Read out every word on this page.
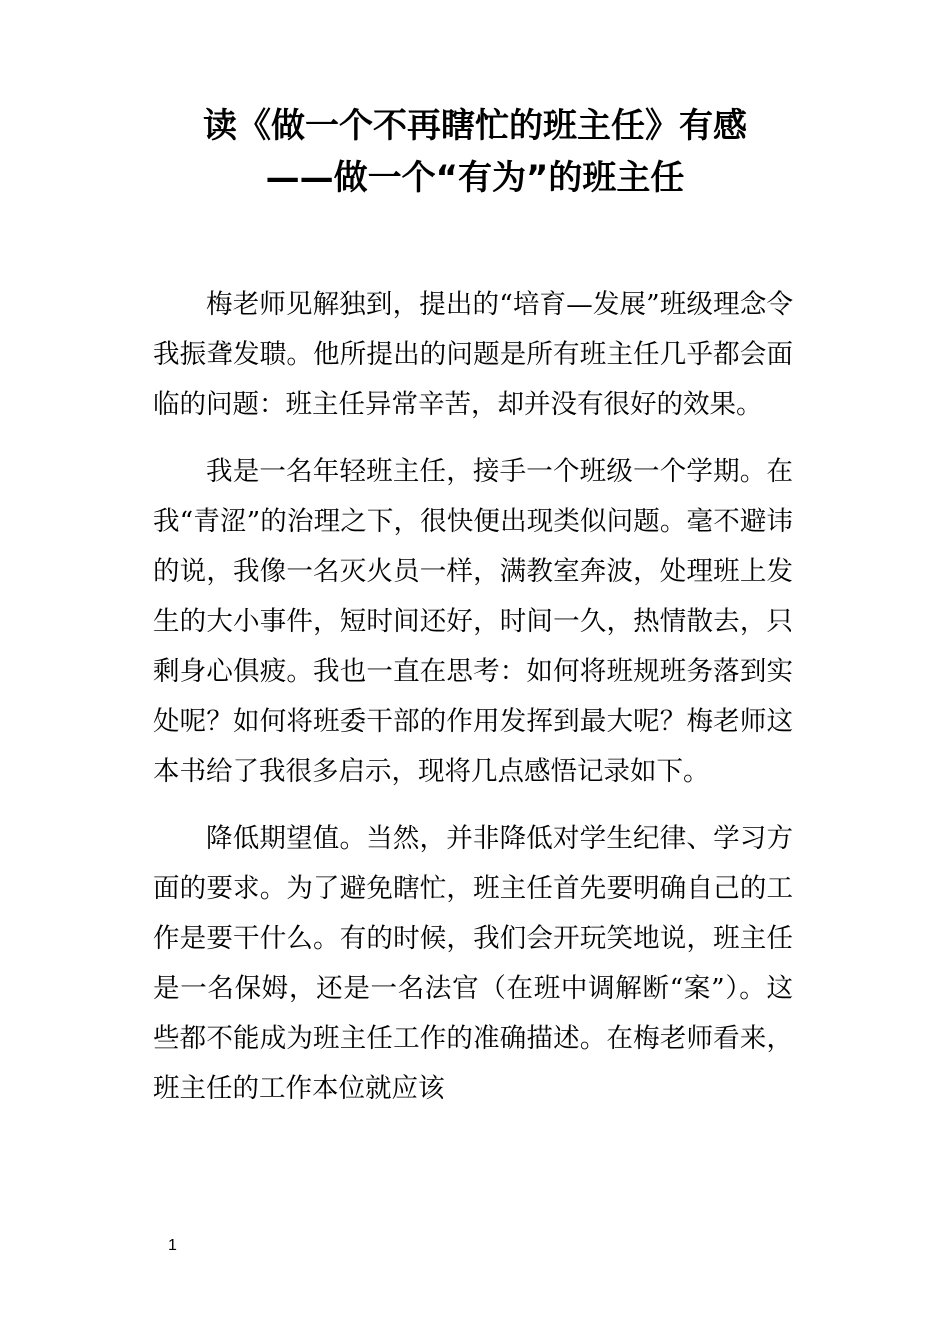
读《做一个不再瞎忙的班主任》有感
——做一个“有为”的班主任

梅老师见解独到，提出的“培育—发展”班级理念令我振聋发聩。他所提出的问题是所有班主任几乎都会面临的问题：班主任异常辛苦，却并没有很好的效果。

我是一名年轻班主任，接手一个班级一个学期。在我“青涩”的治理之下，很快便出现类似问题。毫不避讳的说，我像一名灭火员一样，满教室奔波，处理班上发生的大小事件，短时间还好，时间一久，热情散去，只剩身心俱疲。我也一直在思考：如何将班规班务落到实处呢？如何将班委干部的作用发挥到最大呢？梅老师这本书给了我很多启示，现将几点感悟记录如下。

降低期望值。当然，并非降低对学生纪律、学习方面的要求。为了避免瞎忙，班主任首先要明确自己的工作是要干什么。有的时候，我们会开玩笑地说，班主任是一名保姆，还是一名法官（在班中调解断“案”）。这些都不能成为班主任工作的准确描述。在梅老师看来，班主任的工作本位就应该

1
